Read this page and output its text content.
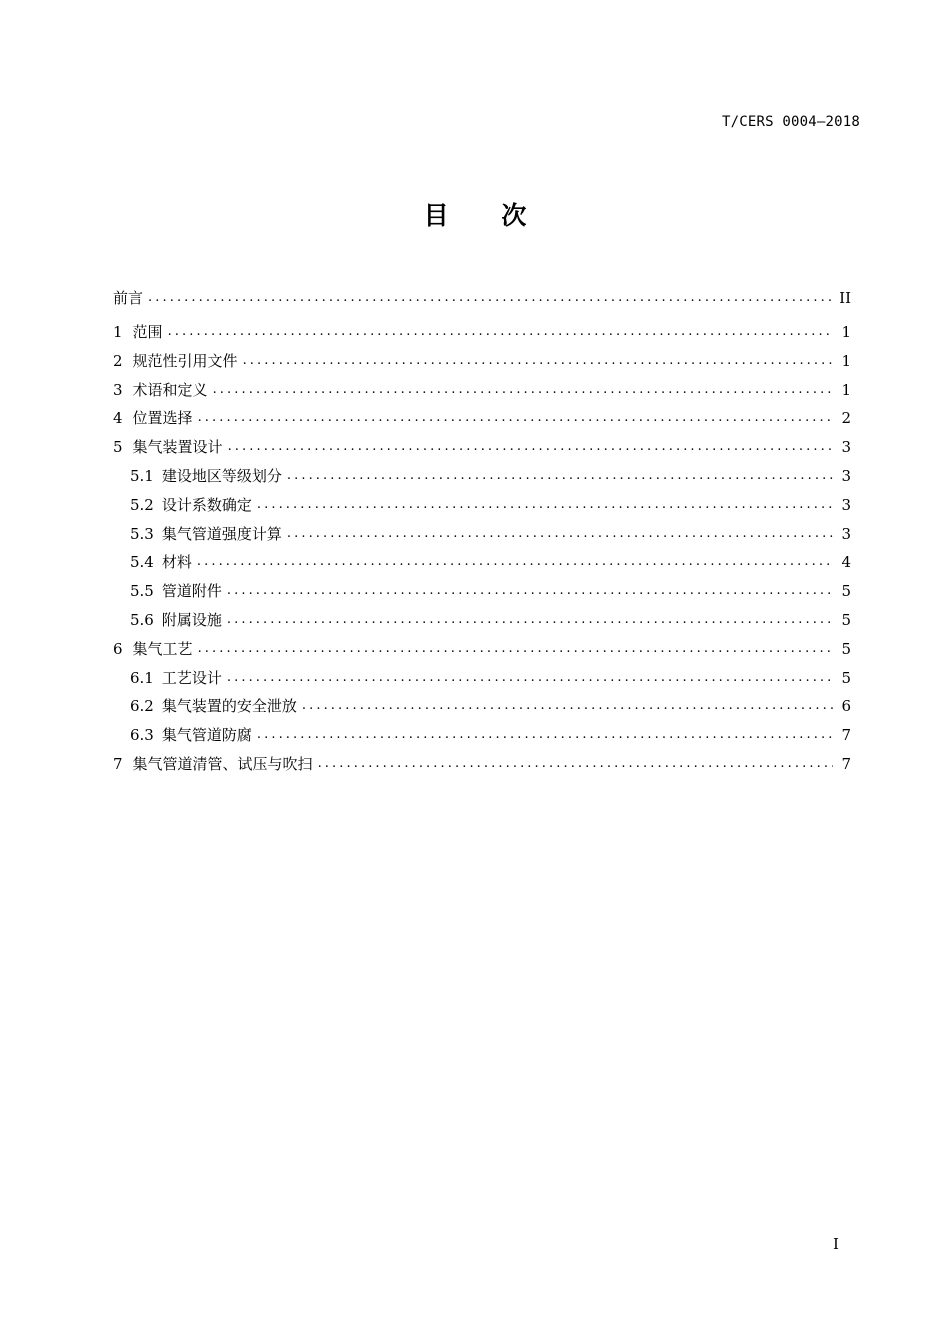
T/CERS 0004—2018
目 次
前言 .....	II
1 范围 .....	1
2 规范性引用文件 .....	1
3 术语和定义 .....	1
4 位置选择 .....	2
5 集气装置设计 .....	3
5.1 建设地区等级划分 .....	3
5.2 设计系数确定 .....	3
5.3 集气管道强度计算 .....	3
5.4 材料 .....	4
5.5 管道附件 .....	5
5.6 附属设施 .....	5
6 集气工艺 .....	5
6.1 工艺设计 .....	5
6.2 集气装置的安全泄放 .....	6
6.3 集气管道防腐 .....	7
7 集气管道清管、试压与吹扫 .....	7
I
